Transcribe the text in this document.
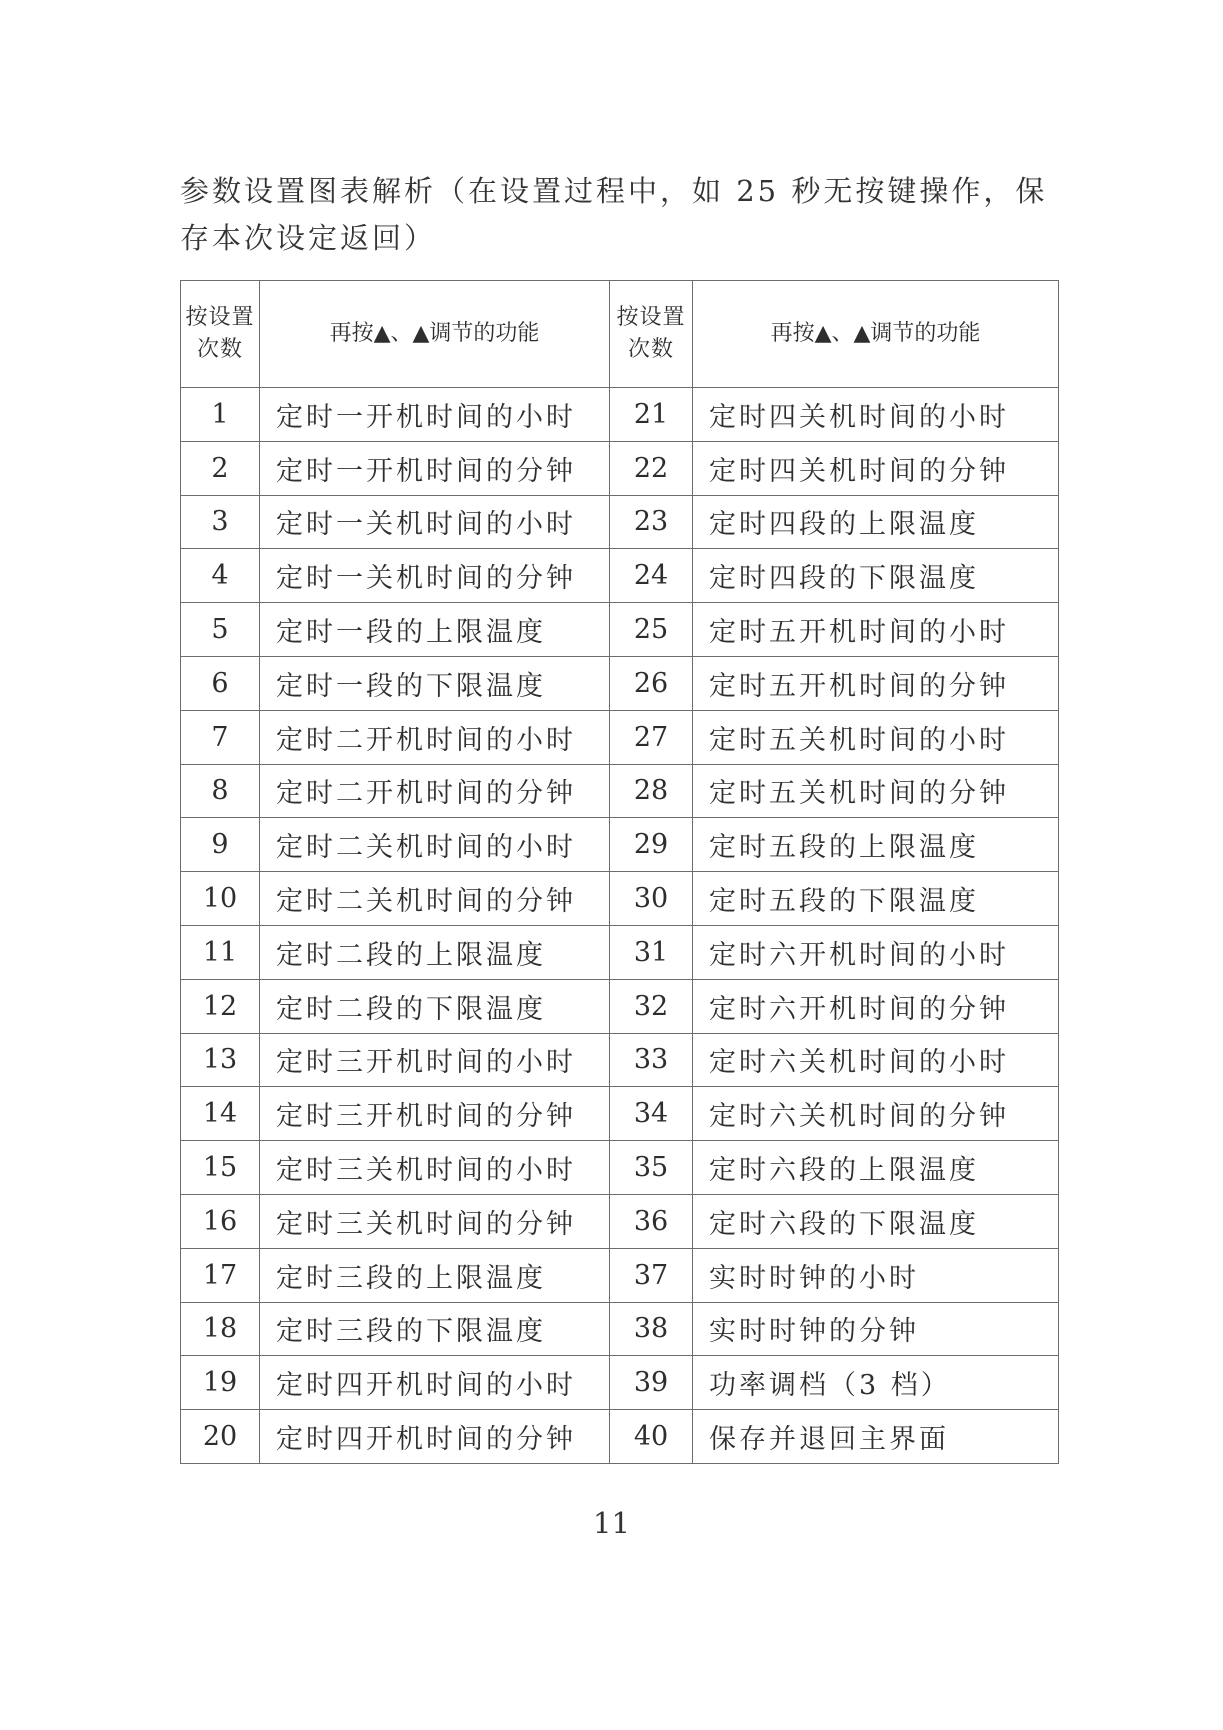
参数设置图表解析（在设置过程中，如 25 秒无按键操作，保存本次设定返回）
按设置次数	再按▲、▲调节的功能	按设置次数	再按▲、▲调节的功能
1	定时一开机时间的小时	21	定时四关机时间的小时
2	定时一开机时间的分钟	22	定时四关机时间的分钟
3	定时一关机时间的小时	23	定时四段的上限温度
4	定时一关机时间的分钟	24	定时四段的下限温度
5	定时一段的上限温度	25	定时五开机时间的小时
6	定时一段的下限温度	26	定时五开机时间的分钟
7	定时二开机时间的小时	27	定时五关机时间的小时
8	定时二开机时间的分钟	28	定时五关机时间的分钟
9	定时二关机时间的小时	29	定时五段的上限温度
10	定时二关机时间的分钟	30	定时五段的下限温度
11	定时二段的上限温度	31	定时六开机时间的小时
12	定时二段的下限温度	32	定时六开机时间的分钟
13	定时三开机时间的小时	33	定时六关机时间的小时
14	定时三开机时间的分钟	34	定时六关机时间的分钟
15	定时三关机时间的小时	35	定时六段的上限温度
16	定时三关机时间的分钟	36	定时六段的下限温度
17	定时三段的上限温度	37	实时时钟的小时
18	定时三段的下限温度	38	实时时钟的分钟
19	定时四开机时间的小时	39	功率调档（3 档）
20	定时四开机时间的分钟	40	保存并退回主界面
11
